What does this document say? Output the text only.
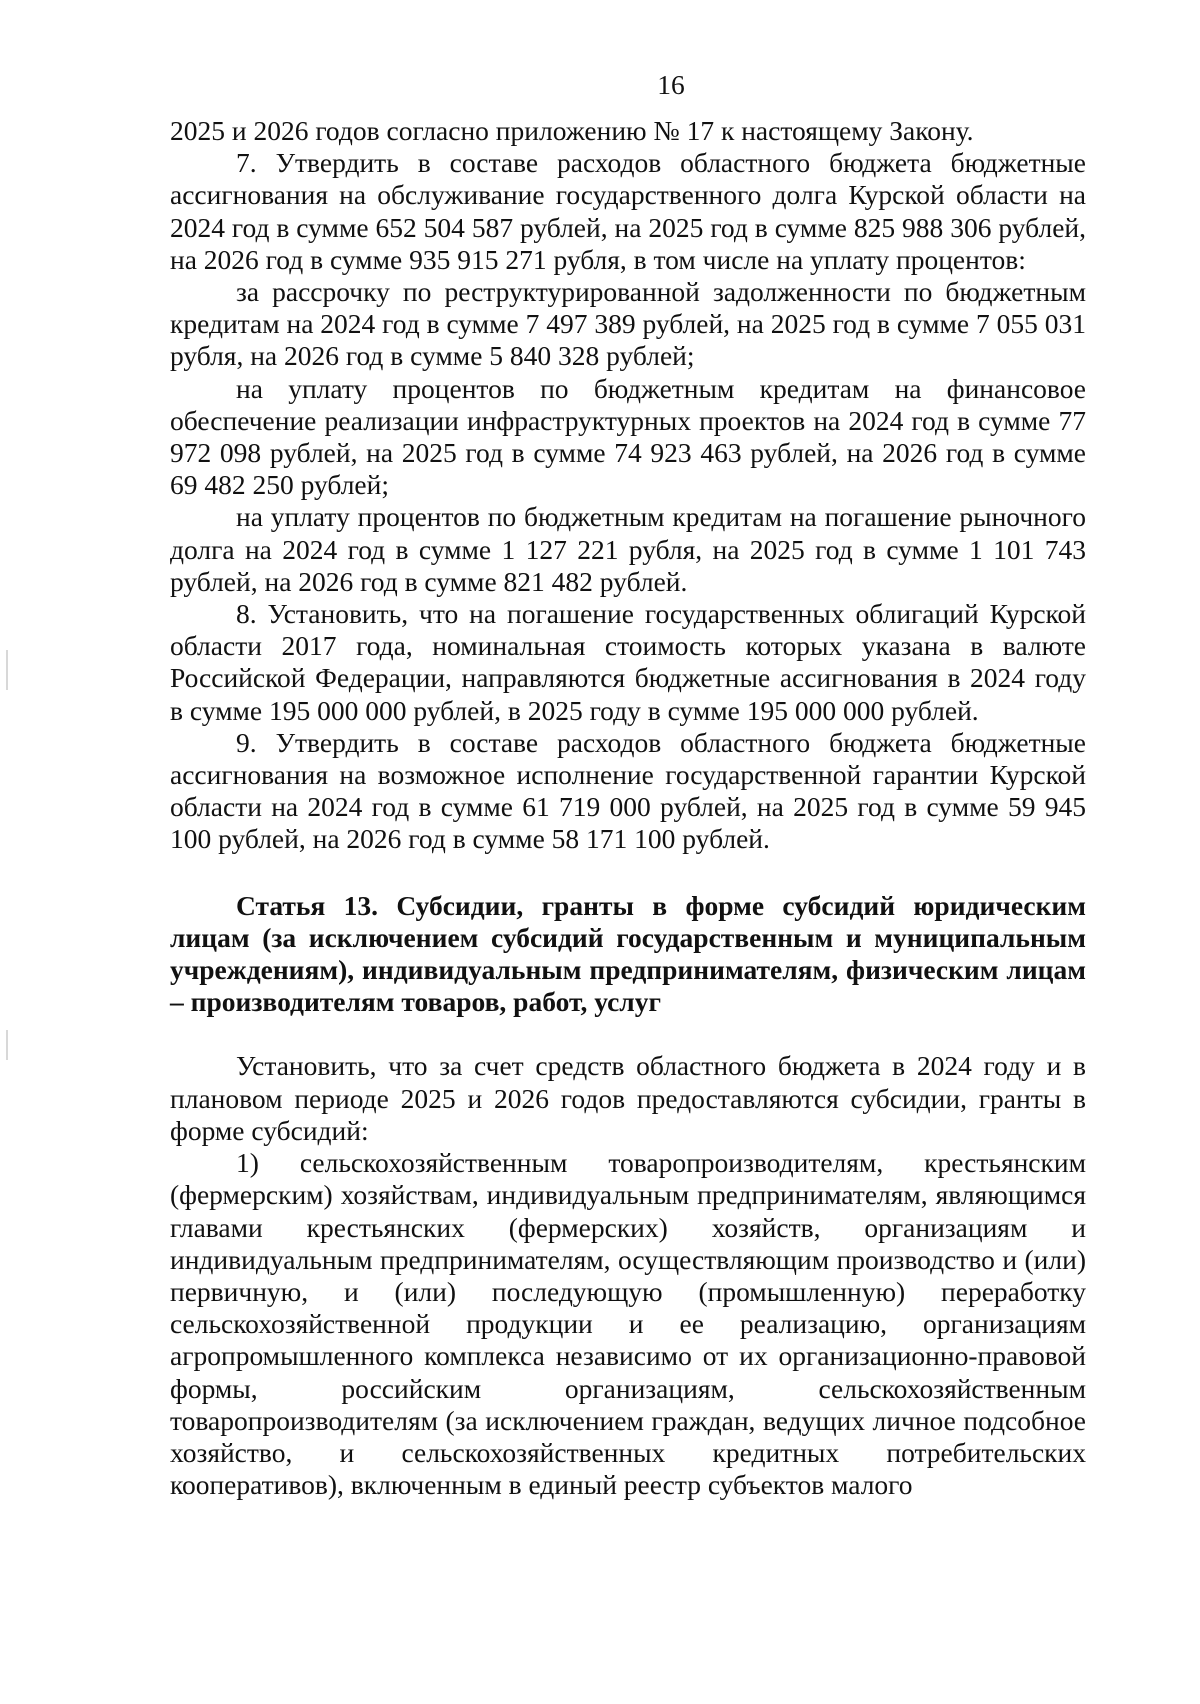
16

2025 и 2026 годов согласно приложению № 17 к настоящему Закону.

7. Утвердить в составе расходов областного бюджета бюджетные ассигнования на обслуживание государственного долга Курской области на 2024 год в сумме 652 504 587 рублей, на 2025 год в сумме 825 988 306 рублей, на 2026 год в сумме 935 915 271 рубля, в том числе на уплату процентов:

за рассрочку по реструктурированной задолженности по бюджетным кредитам на 2024 год в сумме 7 497 389 рублей, на 2025 год в сумме 7 055 031 рубля, на 2026 год в сумме 5 840 328 рублей;

на уплату процентов по бюджетным кредитам на финансовое обеспечение реализации инфраструктурных проектов на 2024 год в сумме 77 972 098 рублей, на 2025 год в сумме 74 923 463 рублей, на 2026 год в сумме 69 482 250 рублей;

на уплату процентов по бюджетным кредитам на погашение рыночного долга на 2024 год в сумме 1 127 221 рубля, на 2025 год в сумме 1 101 743 рублей, на 2026 год в сумме 821 482 рублей.

8. Установить, что на погашение государственных облигаций Курской области 2017 года, номинальная стоимость которых указана в валюте Российской Федерации, направляются бюджетные ассигнования в 2024 году в сумме 195 000 000 рублей, в 2025 году в сумме 195 000 000 рублей.

9. Утвердить в составе расходов областного бюджета бюджетные ассигнования на возможное исполнение государственной гарантии Курской области на 2024 год в сумме 61 719 000 рублей, на 2025 год в сумме 59 945 100 рублей, на 2026 год в сумме 58 171 100 рублей.

Статья 13. Субсидии, гранты в форме субсидий юридическим лицам (за исключением субсидий государственным и муниципальным учреждениям), индивидуальным предпринимателям, физическим лицам – производителям товаров, работ, услуг

Установить, что за счет средств областного бюджета в 2024 году и в плановом периоде 2025 и 2026 годов предоставляются субсидии, гранты в форме субсидий:

1) сельскохозяйственным товаропроизводителям, крестьянским (фермерским) хозяйствам, индивидуальным предпринимателям, являющимся главами крестьянских (фермерских) хозяйств, организациям и индивидуальным предпринимателям, осуществляющим производство и (или) первичную, и (или) последующую (промышленную) переработку сельскохозяйственной продукции и ее реализацию, организациям агропромышленного комплекса независимо от их организационно-правовой формы, российским организациям, сельскохозяйственным товаропроизводителям (за исключением граждан, ведущих личное подсобное хозяйство, и сельскохозяйственных кредитных потребительских кооперативов), включенным в единый реестр субъектов малого
